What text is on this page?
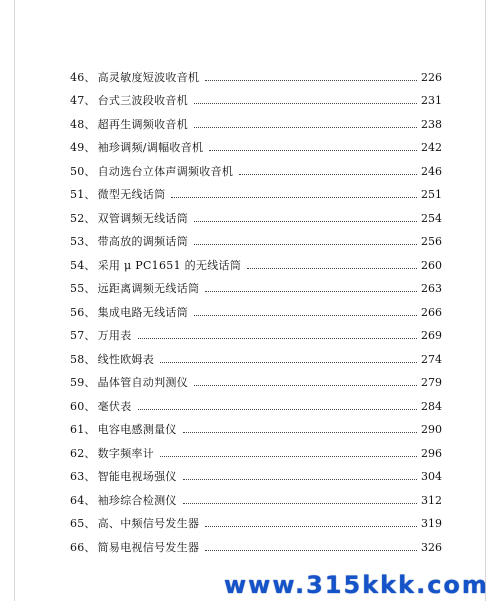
46、 高灵敏度短波收音机	226
47、 台式三波段收音机	231
48、 超再生调频收音机	238
49、 袖珍调频/调幅收音机	242
50、 自动选台立体声调频收音机	246
51、 微型无线话筒	251
52、 双管调频无线话筒	254
53、 带高放的调频话筒	256
54、 采用 μ PC1651 的无线话筒	260
55、 远距离调频无线话筒	263
56、 集成电路无线话筒	266
57、 万用表	269
58、 线性欧姆表	274
59、 晶体管自动判测仪	279
60、 毫伏表	284
61、 电容电感测量仪	290
62、 数字频率计	296
63、 智能电视场强仪	304
64、 袖珍综合检测仪	312
65、 高、中频信号发生器	319
66、 简易电视信号发生器	326
www.315kkk.com
